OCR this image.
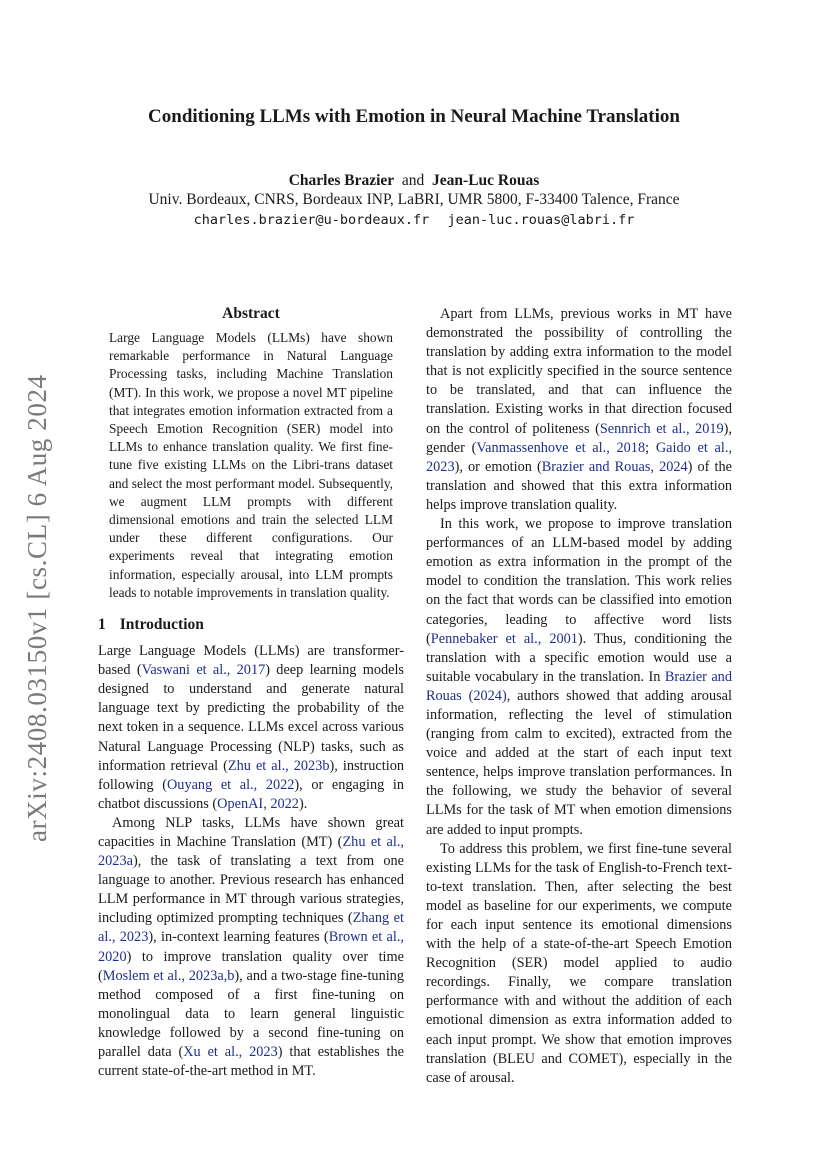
arXiv:2408.03150v1 [cs.CL] 6 Aug 2024
Conditioning LLMs with Emotion in Neural Machine Translation
Charles Brazier and Jean-Luc Rouas
Univ. Bordeaux, CNRS, Bordeaux INP, LaBRI, UMR 5800, F-33400 Talence, France
charles.brazier@u-bordeaux.fr jean-luc.rouas@labri.fr
Abstract
Large Language Models (LLMs) have shown remarkable performance in Natural Language Processing tasks, including Machine Translation (MT). In this work, we propose a novel MT pipeline that integrates emotion information extracted from a Speech Emotion Recognition (SER) model into LLMs to enhance translation quality. We first fine-tune five existing LLMs on the Libri-trans dataset and select the most performant model. Subsequently, we augment LLM prompts with different dimensional emotions and train the selected LLM under these different configurations. Our experiments reveal that integrating emotion information, especially arousal, into LLM prompts leads to notable improvements in translation quality.
1 Introduction

Large Language Models (LLMs) are transformer-based (Vaswani et al., 2017) deep learning models designed to understand and generate natural language text by predicting the probability of the next token in a sequence. LLMs excel across various Natural Language Processing (NLP) tasks, such as information retrieval (Zhu et al., 2023b), instruction following (Ouyang et al., 2022), or engaging in chatbot discussions (OpenAI, 2022).

Among NLP tasks, LLMs have shown great capacities in Machine Translation (MT) (Zhu et al., 2023a), the task of translating a text from one language to another. Previous research has enhanced LLM performance in MT through various strategies, including optimized prompting techniques (Zhang et al., 2023), in-context learning features (Brown et al., 2020) to improve translation quality over time (Moslem et al., 2023a,b), and a two-stage fine-tuning method composed of a first fine-tuning on monolingual data to learn general linguistic knowledge followed by a second fine-tuning on parallel data (Xu et al., 2023) that establishes the current state-of-the-art method in MT.

Apart from LLMs, previous works in MT have demonstrated the possibility of controlling the translation by adding extra information to the model that is not explicitly specified in the source sentence to be translated, and that can influence the translation. Existing works in that direction focused on the control of politeness (Sennrich et al., 2019), gender (Vanmassenhove et al., 2018; Gaido et al., 2023), or emotion (Brazier and Rouas, 2024) of the translation and showed that this extra information helps improve translation quality.

In this work, we propose to improve translation performances of an LLM-based model by adding emotion as extra information in the prompt of the model to condition the translation. This work relies on the fact that words can be classified into emotion categories, leading to affective word lists (Pennebaker et al., 2001). Thus, conditioning the translation with a specific emotion would use a suitable vocabulary in the translation. In Brazier and Rouas (2024), authors showed that adding arousal information, reflecting the level of stimulation (ranging from calm to excited), extracted from the voice and added at the start of each input text sentence, helps improve translation performances. In the following, we study the behavior of several LLMs for the task of MT when emotion dimensions are added to input prompts.

To address this problem, we first fine-tune several existing LLMs for the task of English-to-French text-to-text translation. Then, after selecting the best model as baseline for our experiments, we compute for each input sentence its emotional dimensions with the help of a state-of-the-art Speech Emotion Recognition (SER) model applied to audio recordings. Finally, we compare translation performance with and without the addition of each emotional dimension as extra information added to each input prompt. We show that emotion improves translation (BLEU and COMET), especially in the case of arousal.
